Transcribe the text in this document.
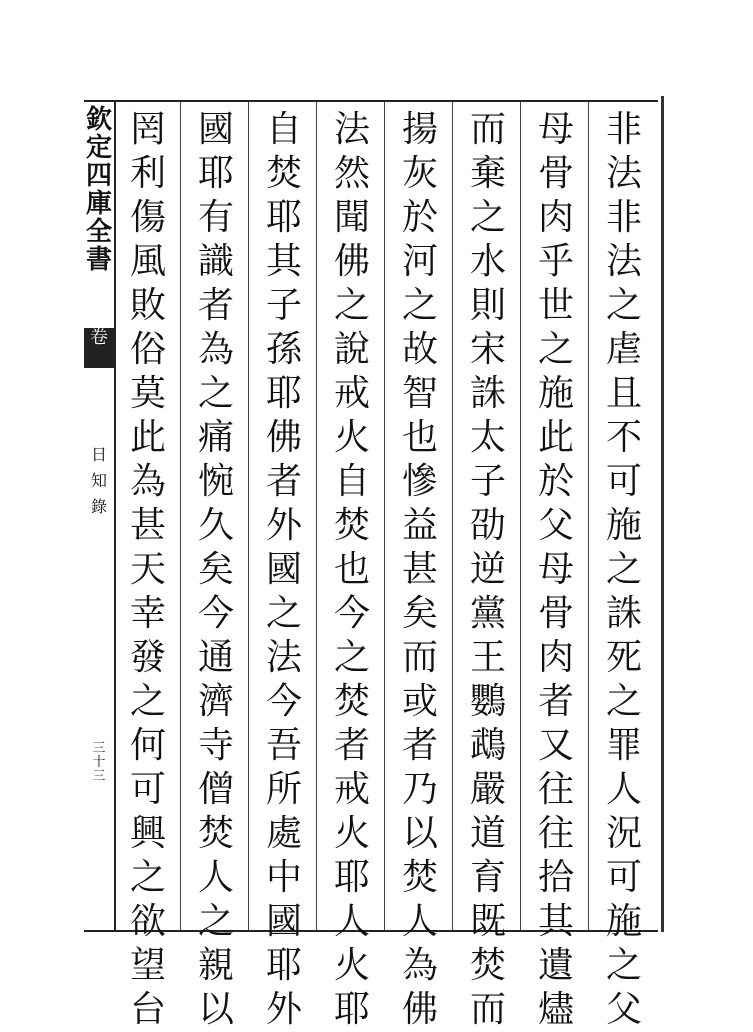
欽
定
四
庫
全
書
卷
日知錄
三十三
非
法
非
法
之
虐
且
不
可
施
之
誅
死
之
罪
人
況
可
施
之
父
母
骨
肉
乎
世
之
施
此
於
父
母
骨
肉
者
又
往
往
拾
其
遺
燼
而
棄
之
水
則
宋
誅
太
子
劭
逆
黨
王
鸚
鵡
嚴
道
育
既
焚
而
揚
灰
於
河
之
故
智
也
慘
益
甚
矣
而
或
者
乃
以
焚
人
為
佛
法
然
聞
佛
之
說
戒
火
自
焚
也
今
之
焚
者
戒
火
耶
人
火
耶
自
焚
耶
其
子
孫
耶
佛
者
外
國
之
法
今
吾
所
處
中
國
耶
外
國
耶
有
識
者
為
之
痛
惋
久
矣
今
通
濟
寺
僧
焚
人
之
親
以
罔
利
傷
風
敗
俗
莫
此
為
甚
天
幸
發
之
何
可
興
之
欲
望
台
